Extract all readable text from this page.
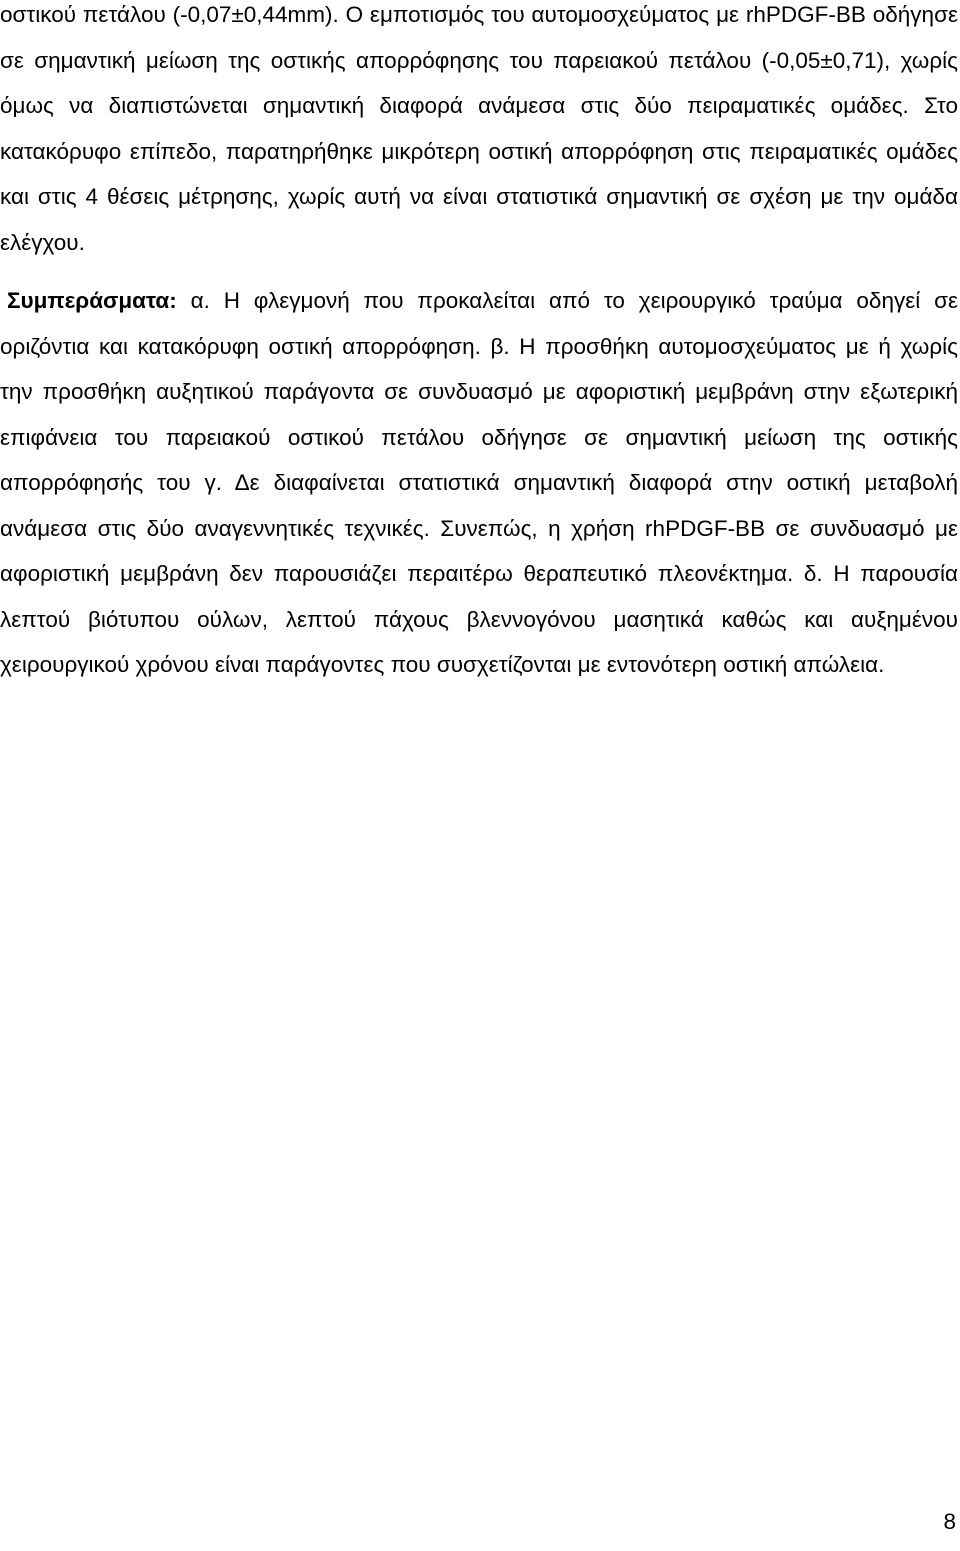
οστικού πετάλου (-0,07±0,44mm). Ο εμποτισμός του αυτομοσχεύματος με rhPDGF-BB οδήγησε σε σημαντική μείωση της οστικής απορρόφησης του παρειακού πετάλου (-0,05±0,71), χωρίς όμως να διαπιστώνεται σημαντική διαφορά ανάμεσα στις δύο πειραματικές ομάδες. Στο κατακόρυφο επίπεδο, παρατηρήθηκε μικρότερη οστική απορρόφηση στις πειραματικές ομάδες και στις 4 θέσεις μέτρησης, χωρίς αυτή να είναι στατιστικά σημαντική σε σχέση με την ομάδα ελέγχου.

Συμπεράσματα: α. Η φλεγμονή που προκαλείται από το χειρουργικό τραύμα οδηγεί σε οριζόντια και κατακόρυφη οστική απορρόφηση. β. Η προσθήκη αυτομοσχεύματος με ή χωρίς την προσθήκη αυξητικού παράγοντα σε συνδυασμό με αφοριστική μεμβράνη στην εξωτερική επιφάνεια του παρειακού οστικού πετάλου οδήγησε σε σημαντική μείωση της οστικής απορρόφησής του γ. Δε διαφαίνεται στατιστικά σημαντική διαφορά στην οστική μεταβολή ανάμεσα στις δύο αναγεννητικές τεχνικές. Συνεπώς, η χρήση rhPDGF-BB σε συνδυασμό με αφοριστική μεμβράνη δεν παρουσιάζει περαιτέρω θεραπευτικό πλεονέκτημα. δ. Η παρουσία λεπτού βιότυπου ούλων, λεπτού πάχους βλεννογόνου μασητικά καθώς και αυξημένου χειρουργικού χρόνου είναι παράγοντες που συσχετίζονται με εντονότερη οστική απώλεια.

8
